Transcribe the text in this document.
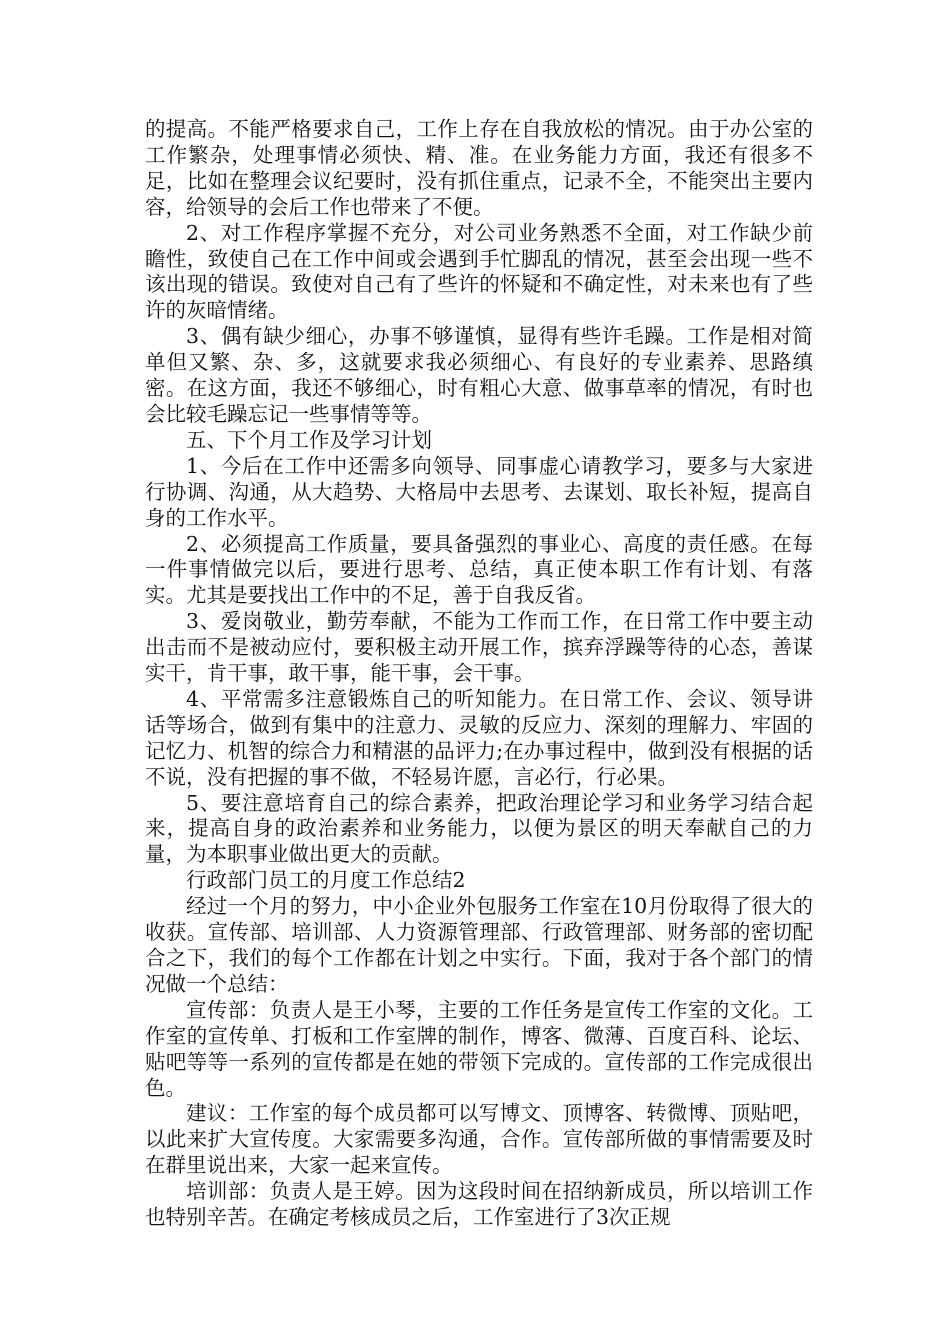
的提高。不能严格要求自己，工作上存在自我放松的情况。由于办公室的工作繁杂，处理事情必须快、精、准。在业务能力方面，我还有很多不足，比如在整理会议纪要时，没有抓住重点，记录不全，不能突出主要内容，给领导的会后工作也带来了不便。

2、对工作程序掌握不充分，对公司业务熟悉不全面，对工作缺少前瞻性，致使自己在工作中间或会遇到手忙脚乱的情况，甚至会出现一些不该出现的错误。致使对自己有了些许的怀疑和不确定性，对未来也有了些许的灰暗情绪。

3、偶有缺少细心，办事不够谨慎，显得有些许毛躁。工作是相对简单但又繁、杂、多，这就要求我必须细心、有良好的专业素养、思路缜密。在这方面，我还不够细心，时有粗心大意、做事草率的情况，有时也会比较毛躁忘记一些事情等等。

五、下个月工作及学习计划

1、今后在工作中还需多向领导、同事虚心请教学习，要多与大家进行协调、沟通，从大趋势、大格局中去思考、去谋划、取长补短，提高自身的工作水平。

2、必须提高工作质量，要具备强烈的事业心、高度的责任感。在每一件事情做完以后，要进行思考、总结，真正使本职工作有计划、有落实。尤其是要找出工作中的不足，善于自我反省。

3、爱岗敬业，勤劳奉献，不能为工作而工作，在日常工作中要主动出击而不是被动应付，要积极主动开展工作，摈弃浮躁等待的心态，善谋实干，肯干事，敢干事，能干事，会干事。

4、平常需多注意锻炼自己的听知能力。在日常工作、会议、领导讲话等场合，做到有集中的注意力、灵敏的反应力、深刻的理解力、牢固的记忆力、机智的综合力和精湛的品评力;在办事过程中，做到没有根据的话不说，没有把握的事不做，不轻易许愿，言必行，行必果。

5、要注意培育自己的综合素养，把政治理论学习和业务学习结合起来，提高自身的政治素养和业务能力，以便为景区的明天奉献自己的力量，为本职事业做出更大的贡献。

行政部门员工的月度工作总结2

经过一个月的努力，中小企业外包服务工作室在10月份取得了很大的收获。宣传部、培训部、人力资源管理部、行政管理部、财务部的密切配合之下，我们的每个工作都在计划之中实行。下面，我对于各个部门的情况做一个总结：

宣传部：负责人是王小琴，主要的工作任务是宣传工作室的文化。工作室的宣传单、打板和工作室牌的制作，博客、微薄、百度百科、论坛、贴吧等等一系列的宣传都是在她的带领下完成的。宣传部的工作完成很出色。

建议：工作室的每个成员都可以写博文、顶博客、转微博、顶贴吧，以此来扩大宣传度。大家需要多沟通，合作。宣传部所做的事情需要及时在群里说出来，大家一起来宣传。

培训部：负责人是王婷。因为这段时间在招纳新成员，所以培训工作也特别辛苦。在确定考核成员之后，工作室进行了3次正规
